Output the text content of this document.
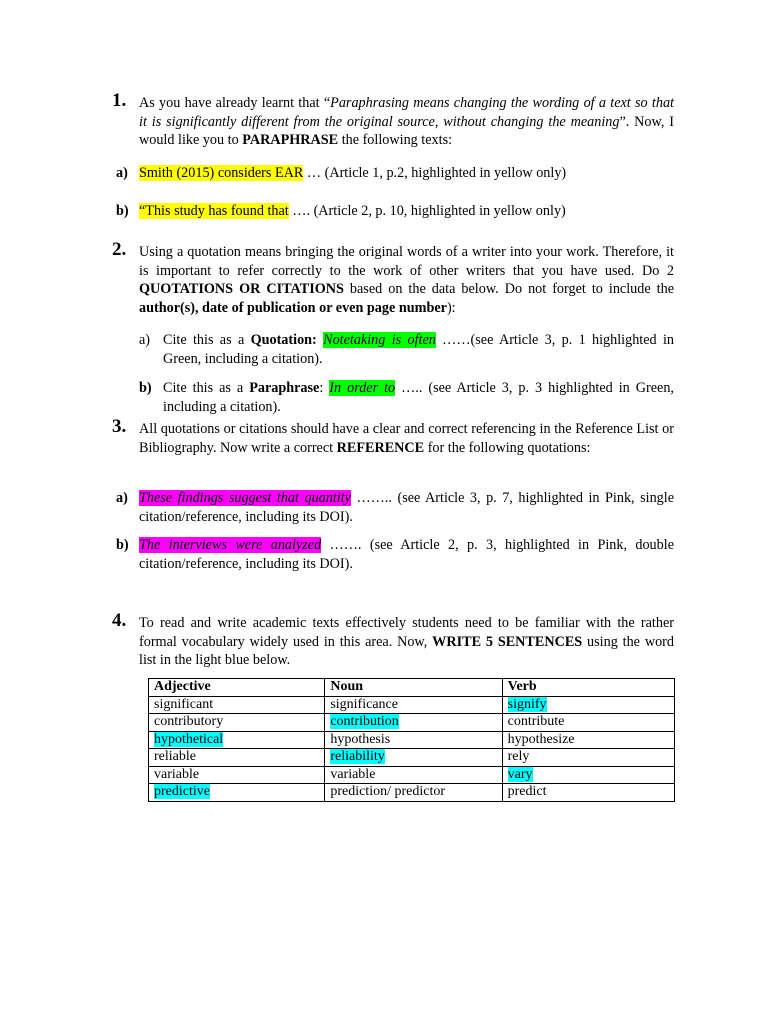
1. As you have already learnt that “Paraphrasing means changing the wording of a text so that it is significantly different from the original source, without changing the meaning”. Now, I would like you to PARAPHRASE the following texts:
a) Smith (2015) considers EAR … (Article 1, p.2, highlighted in yellow only)
b) “This study has found that …. (Article 2, p. 10, highlighted in yellow only)
2. Using a quotation means bringing the original words of a writer into your work. Therefore, it is important to refer correctly to the work of other writers that you have used. Do 2 QUOTATIONS OR CITATIONS based on the data below. Do not forget to include the author(s), date of publication or even page number):
a) Cite this as a Quotation: Notetaking is often ……(see Article 3, p. 1 highlighted in Green, including a citation).
b) Cite this as a Paraphrase: In order to ….. (see Article 3, p. 3 highlighted in Green, including a citation).
3. All quotations or citations should have a clear and correct referencing in the Reference List or Bibliography. Now write a correct REFERENCE for the following quotations:
a) These findings suggest that quantity …….. (see Article 3, p. 7, highlighted in Pink, single citation/reference, including its DOI).
b) The interviews were analyzed ……. (see Article 2, p. 3, highlighted in Pink, double citation/reference, including its DOI).
4. To read and write academic texts effectively students need to be familiar with the rather formal vocabulary widely used in this area. Now, WRITE 5 SENTENCES using the word list in the light blue below.
Adjective	Noun	Verb
significant	significance	signify
contributory	contribution	contribute
hypothetical	hypothesis	hypothesize
reliable	reliability	rely
variable	variable	vary
predictive	prediction/ predictor	predict
